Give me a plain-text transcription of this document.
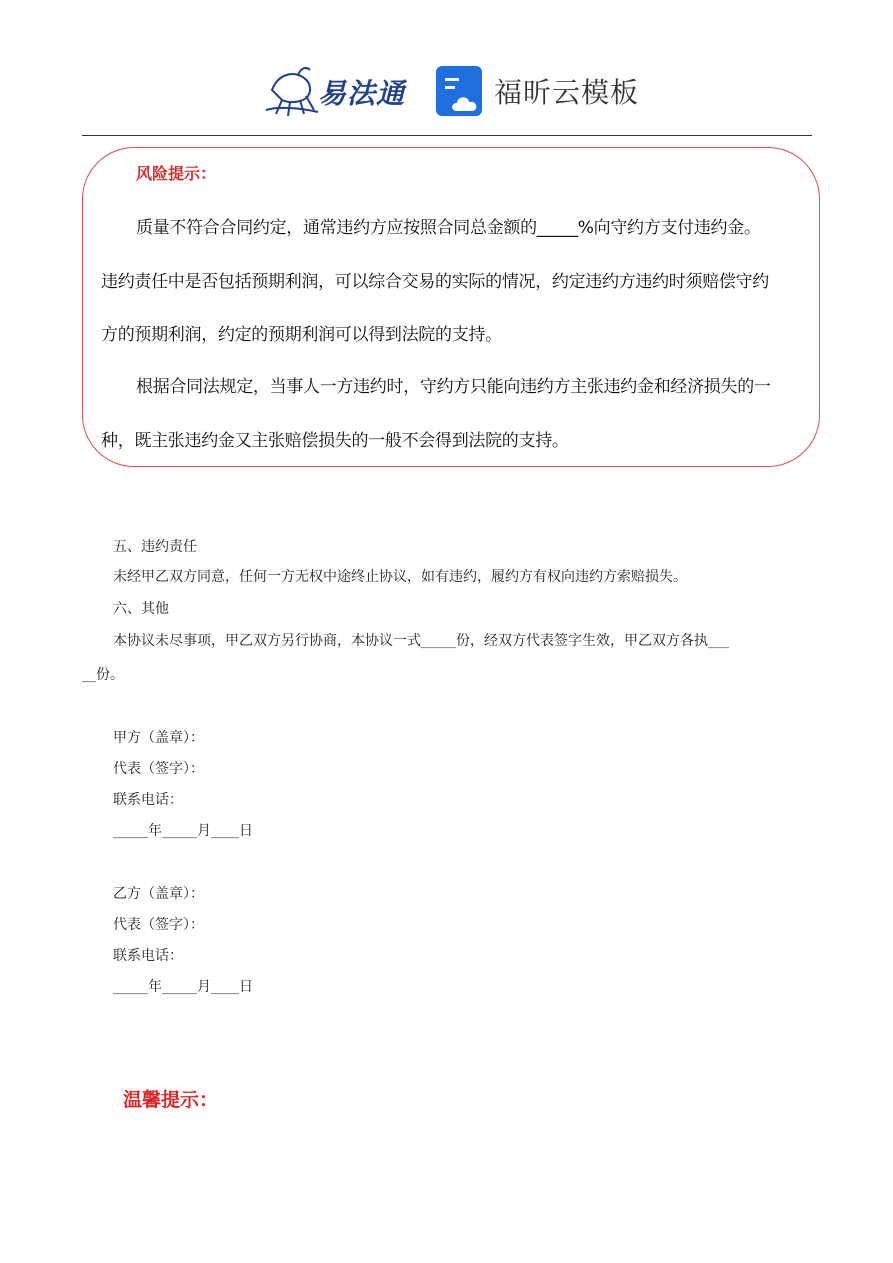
易法通	福昕云模板
风险提示：
质量不符合合同约定，通常违约方应按照合同总金额的_____%向守约方支付违约金。
违约责任中是否包括预期利润，可以综合交易的实际的情况，约定违约方违约时须赔偿守约
方的预期利润，约定的预期利润可以得到法院的支持。
根据合同法规定，当事人一方违约时，守约方只能向违约方主张违约金和经济损失的一
种，既主张违约金又主张赔偿损失的一般不会得到法院的支持。
五、违约责任
未经甲乙双方同意，任何一方无权中途终止协议，如有违约，履约方有权向违约方索赔损失。
六、其他
本协议未尽事项，甲乙双方另行协商，本协议一式_____份，经双方代表签字生效，甲乙双方各执___
__份。
甲方（盖章）：
代表（签字）：
联系电话：
_____年_____月____日
乙方（盖章）：
代表（签字）：
联系电话：
_____年_____月____日
温馨提示：
